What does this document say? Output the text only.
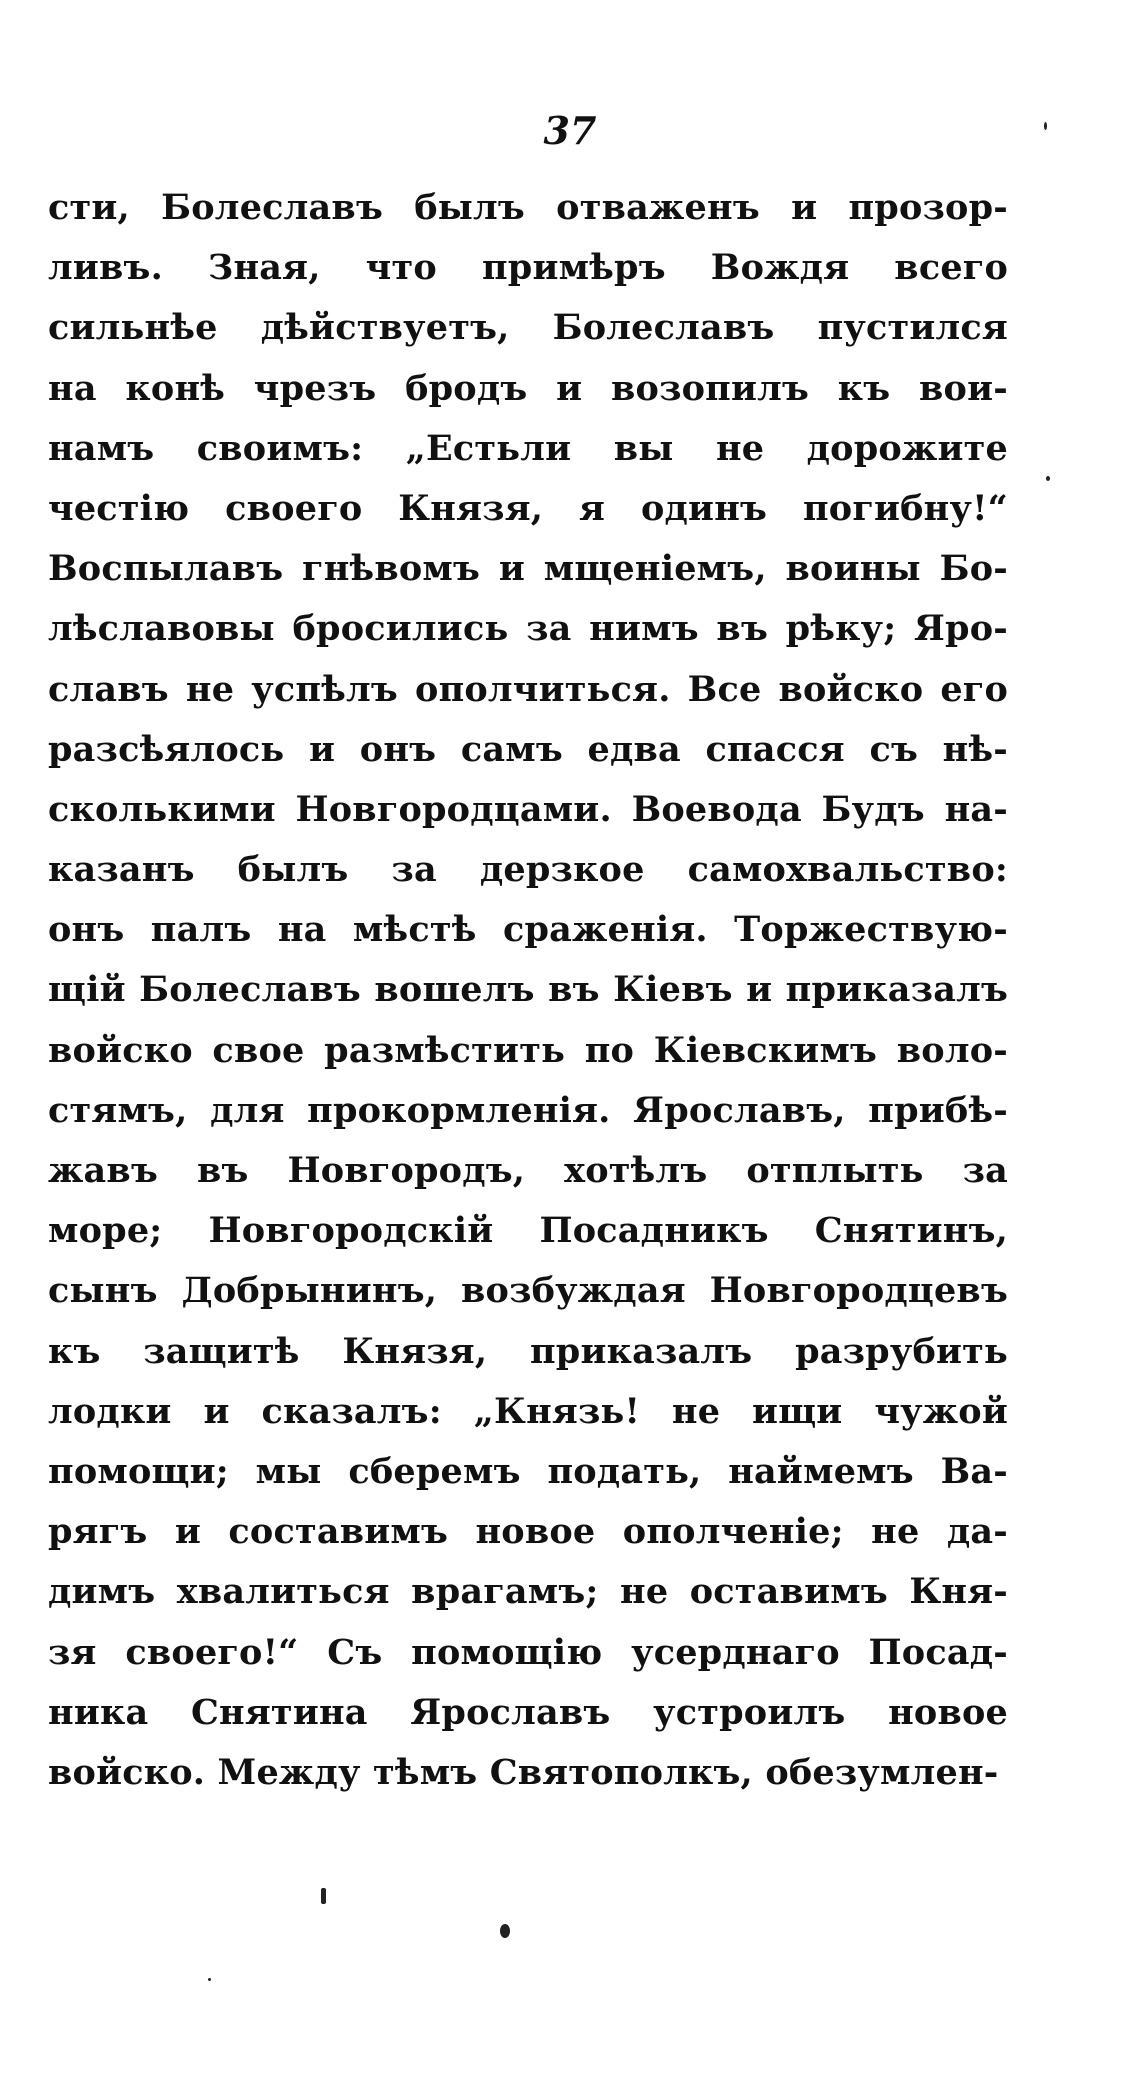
37
сти, Болеславъ былъ отваженъ и прозор-
ливъ. Зная, что примѣръ Вождя всего
сильнѣе дѣйствуетъ, Болеславъ пустился
на конѣ чрезъ бродъ и возопилъ къ вои-
намъ своимъ: „Естьли вы не дорожите
честію своего Князя, я одинъ погибну!“
Воспылавъ гнѣвомъ и мщеніемъ, воины Бо-
лѣславовы бросились за нимъ въ рѣку; Яро-
славъ не успѣлъ ополчиться. Все войско его
разсѣялось и онъ самъ едва спасся съ нѣ-
сколькими Новгородцами. Воевода Будъ на-
казанъ былъ за дерзкое самохвальство:
онъ палъ на мѣстѣ сраженія. Торжествую-
щій Болеславъ вошелъ въ Кіевъ и приказалъ
войско свое размѣстить по Кіевскимъ воло-
стямъ, для прокормленія. Ярославъ, прибѣ-
жавъ въ Новгородъ, хотѣлъ отплыть за
море; Новгородскій Посадникъ Снятинъ,
сынъ Добрынинъ, возбуждая Новгородцевъ
къ защитѣ Князя, приказалъ разрубить
лодки и сказалъ: „Князь! не ищи чужой
помощи; мы сберемъ подать, наймемъ Ва-
рягъ и составимъ новое ополченіе; не да-
димъ хвалиться врагамъ; не оставимъ Кня-
зя своего!“ Съ помощію усерднаго Посад-
ника Снятина Ярославъ устроилъ новое
войско. Между тѣмъ Святополкъ, обезумлен-
